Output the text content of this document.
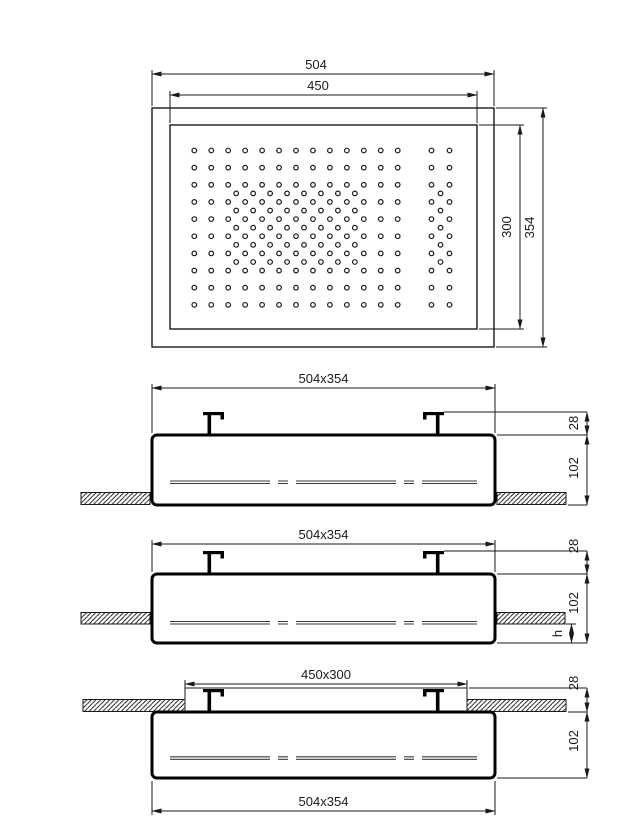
504
450
300 354
504x354
28
102
504x354
28
102
h
450x300
504x354
28
102
